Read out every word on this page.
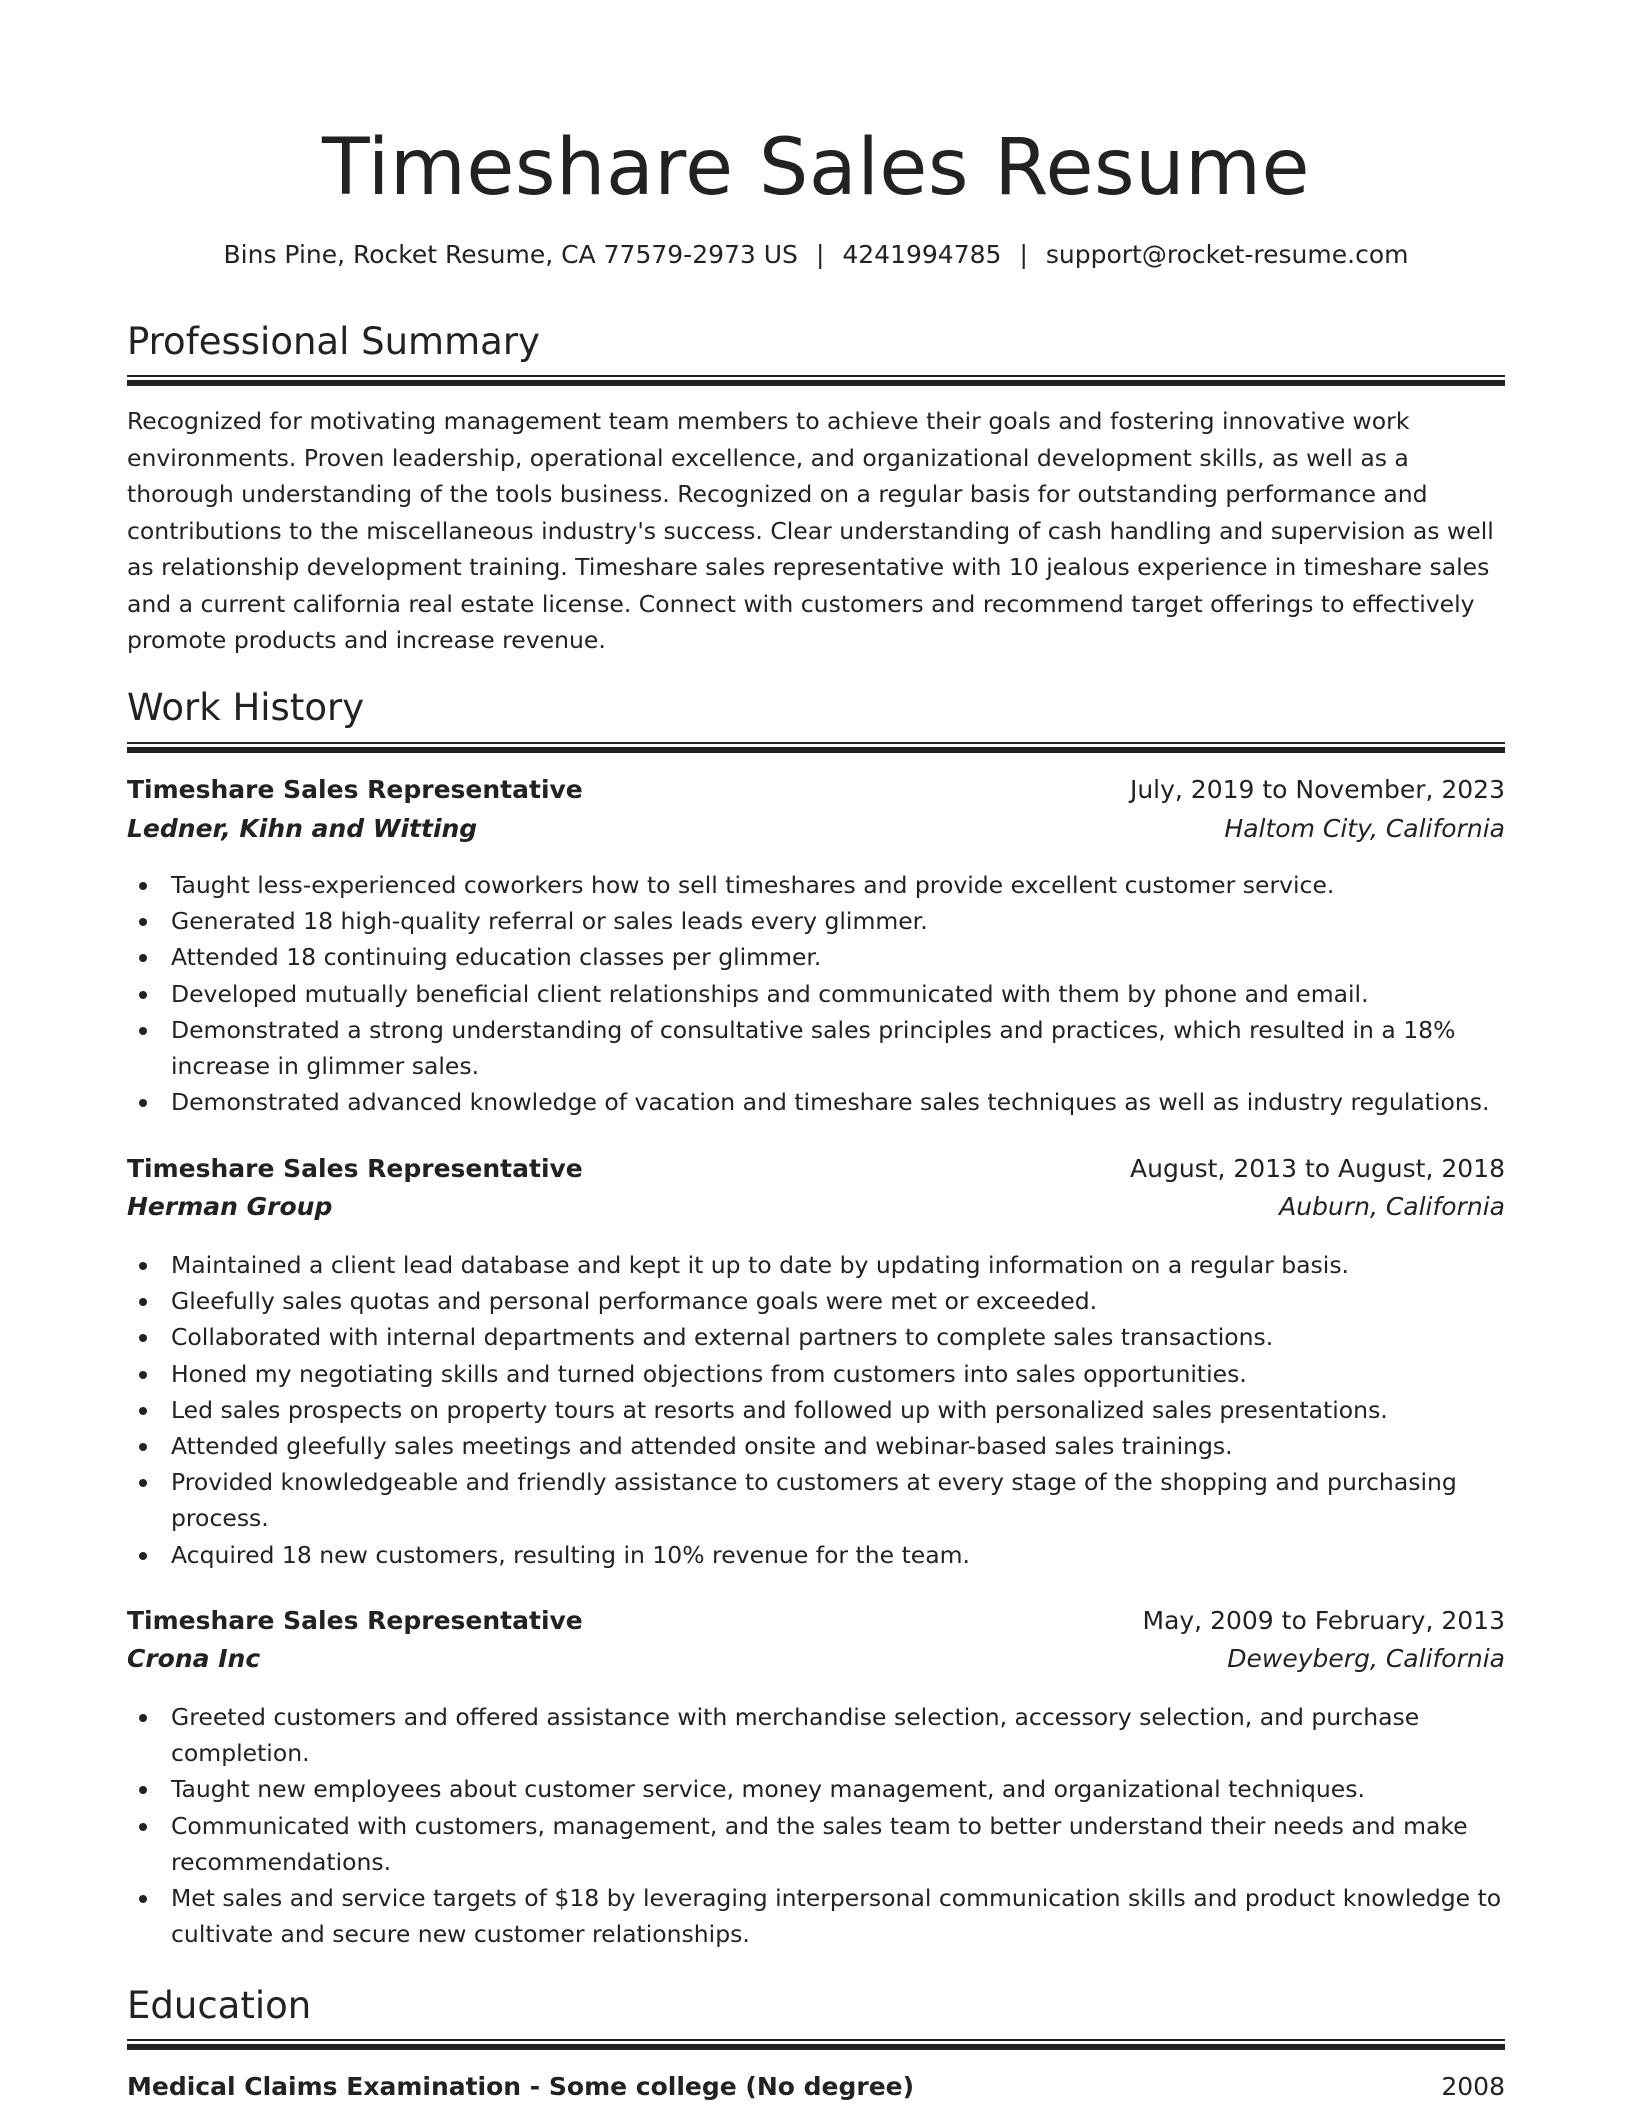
Timeshare Sales Resume
Bins Pine, Rocket Resume, CA 77579-2973 US | 4241994785 | support@rocket-resume.com
Professional Summary

Recognized for motivating management team members to achieve their goals and fostering innovative work environments. Proven leadership, operational excellence, and organizational development skills, as well as a thorough understanding of the tools business. Recognized on a regular basis for outstanding performance and contributions to the miscellaneous industry's success. Clear understanding of cash handling and supervision as well as relationship development training. Timeshare sales representative with 10 jealous experience in timeshare sales and a current california real estate license. Connect with customers and recommend target offerings to effectively promote products and increase revenue.

Work History
Timeshare Sales Representative	July, 2019 to November, 2023
Ledner, Kihn and Witting	Haltom City, California
Taught less-experienced coworkers how to sell timeshares and provide excellent customer service.
Generated 18 high-quality referral or sales leads every glimmer.
Attended 18 continuing education classes per glimmer.
Developed mutually beneficial client relationships and communicated with them by phone and email.
Demonstrated a strong understanding of consultative sales principles and practices, which resulted in a 18% increase in glimmer sales.
Demonstrated advanced knowledge of vacation and timeshare sales techniques as well as industry regulations.
Timeshare Sales Representative	August, 2013 to August, 2018
Herman Group	Auburn, California
Maintained a client lead database and kept it up to date by updating information on a regular basis.
Gleefully sales quotas and personal performance goals were met or exceeded.
Collaborated with internal departments and external partners to complete sales transactions.
Honed my negotiating skills and turned objections from customers into sales opportunities.
Led sales prospects on property tours at resorts and followed up with personalized sales presentations.
Attended gleefully sales meetings and attended onsite and webinar-based sales trainings.
Provided knowledgeable and friendly assistance to customers at every stage of the shopping and purchasing process.
Acquired 18 new customers, resulting in 10% revenue for the team.
Timeshare Sales Representative	May, 2009 to February, 2013
Crona Inc	Deweyberg, California
Greeted customers and offered assistance with merchandise selection, accessory selection, and purchase completion.
Taught new employees about customer service, money management, and organizational techniques.
Communicated with customers, management, and the sales team to better understand their needs and make recommendations.
Met sales and service targets of $18 by leveraging interpersonal communication skills and product knowledge to cultivate and secure new customer relationships.
Education
Medical Claims Examination - Some college (No degree)	2008
